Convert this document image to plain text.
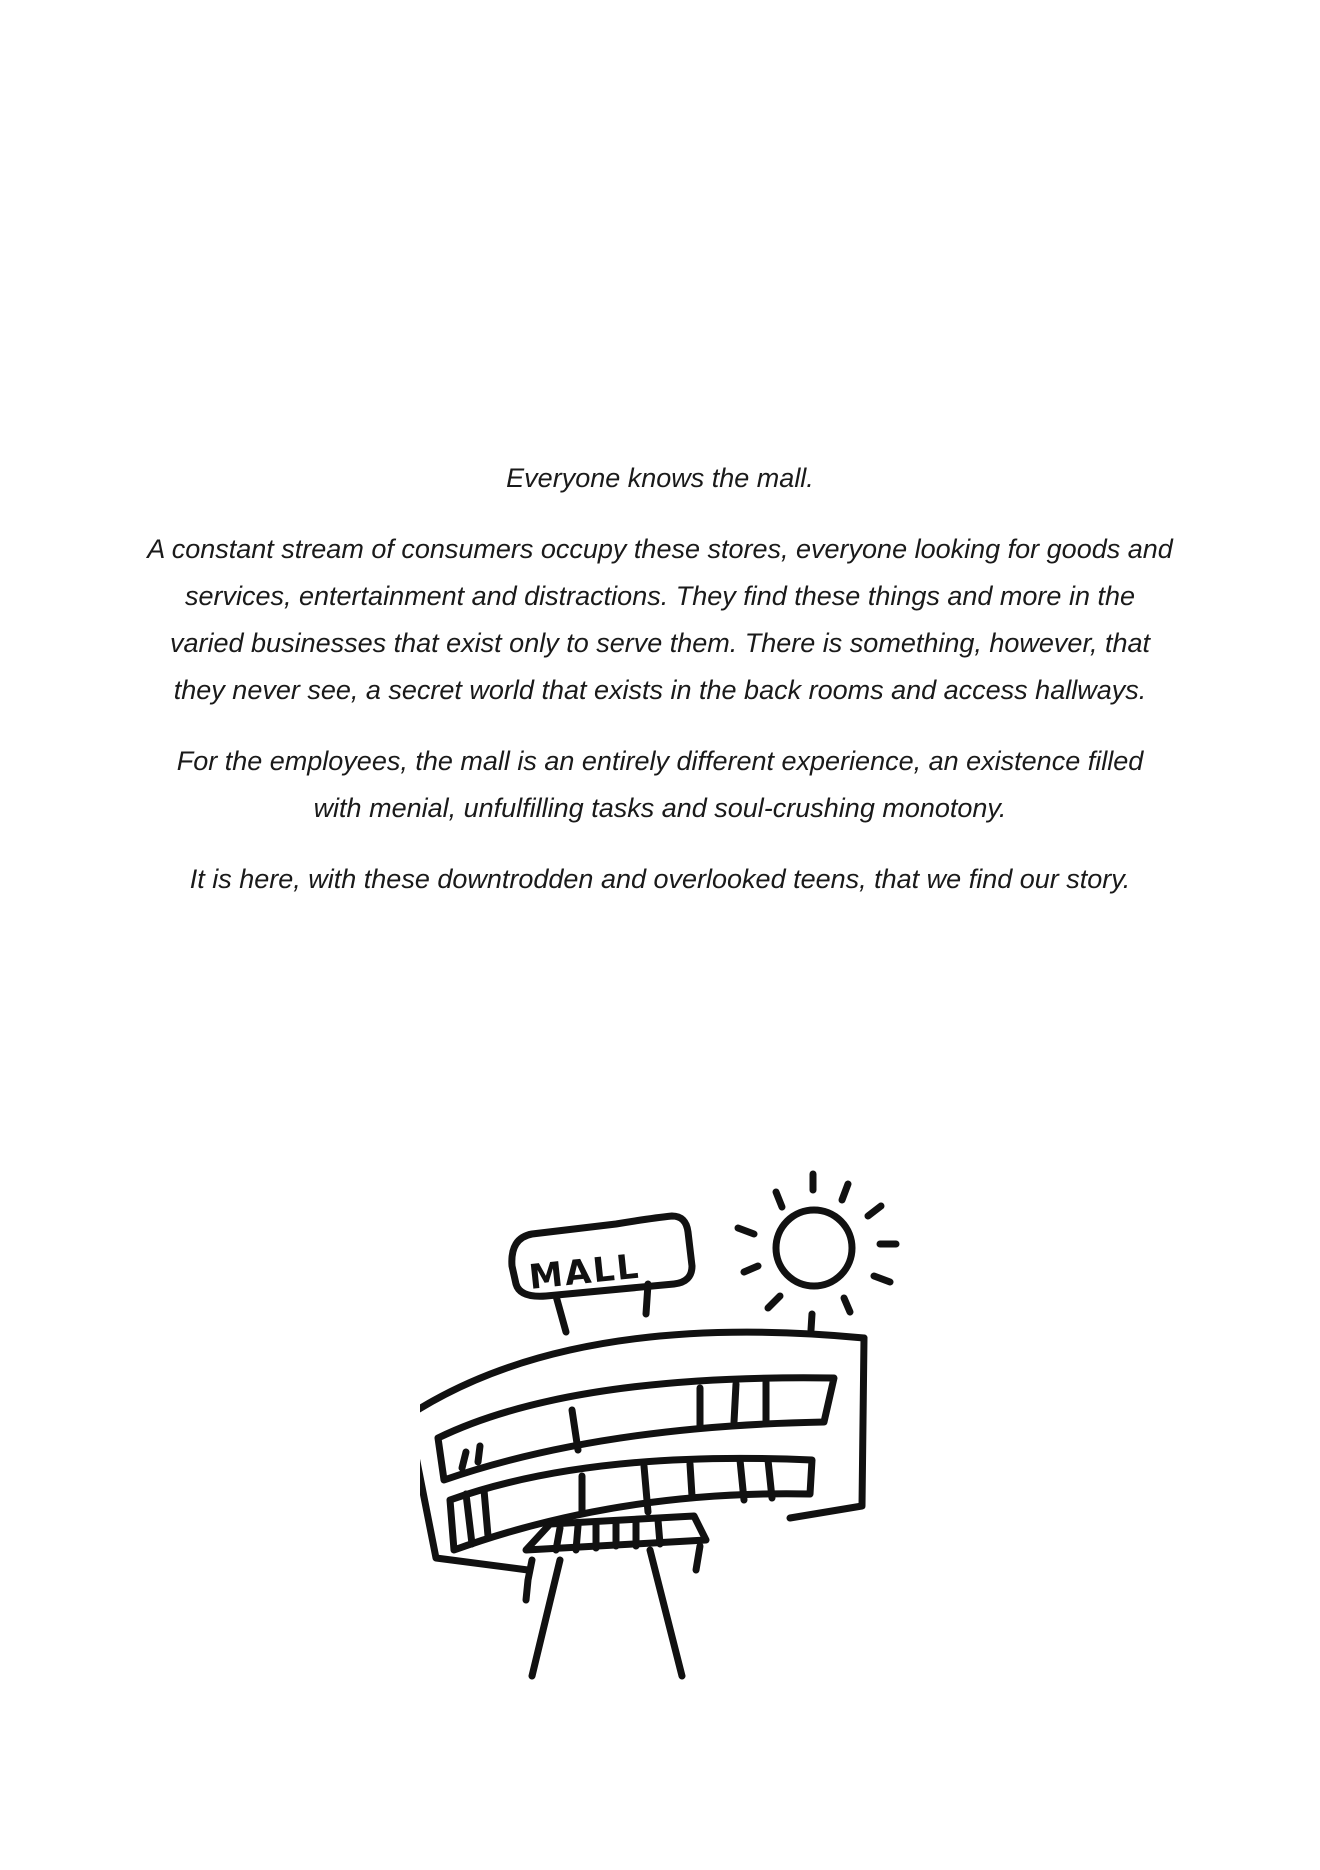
Everyone knows the mall.

A constant stream of consumers occupy these stores, everyone looking for goods and
services, entertainment and distractions. They find these things and more in the
varied businesses that exist only to serve them. There is something, however, that
they never see, a secret world that exists in the back rooms and access hallways.

For the employees, the mall is an entirely different experience, an existence filled
with menial, unfulfilling tasks and soul-crushing monotony.

It is here, with these downtrodden and overlooked teens, that we find our story.

MALL
